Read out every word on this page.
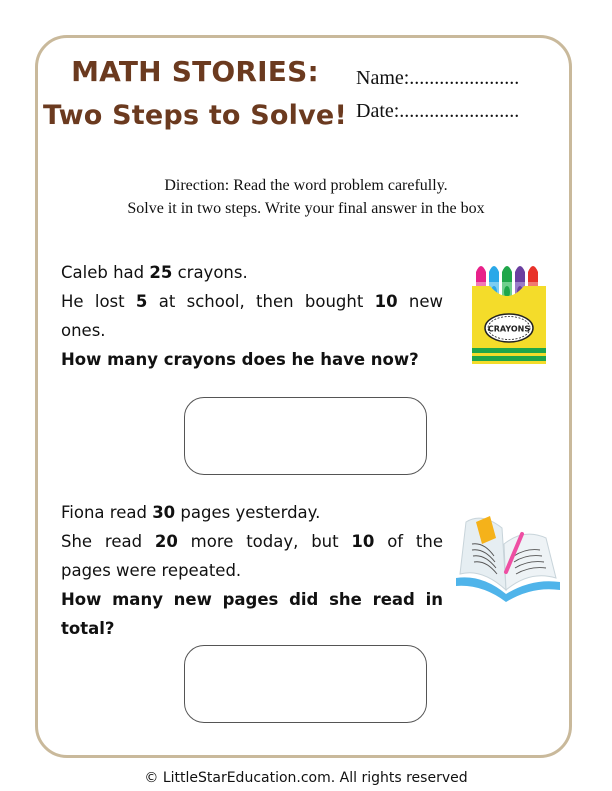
MATH STORIES:
Two Steps to Solve!
Name:......................
Date:........................
Direction: Read the word problem carefully.
Solve it in two steps. Write your final answer in the box
Caleb had 25 crayons.
He lost 5 at school, then bought 10 new
ones.
How many crayons does he have now?
CRAYONS
Fiona read 30 pages yesterday.
She read 20 more today, but 10 of the
pages were repeated.
How many new pages did she read in
total?
© LittleStarEducation.com. All rights reserved
